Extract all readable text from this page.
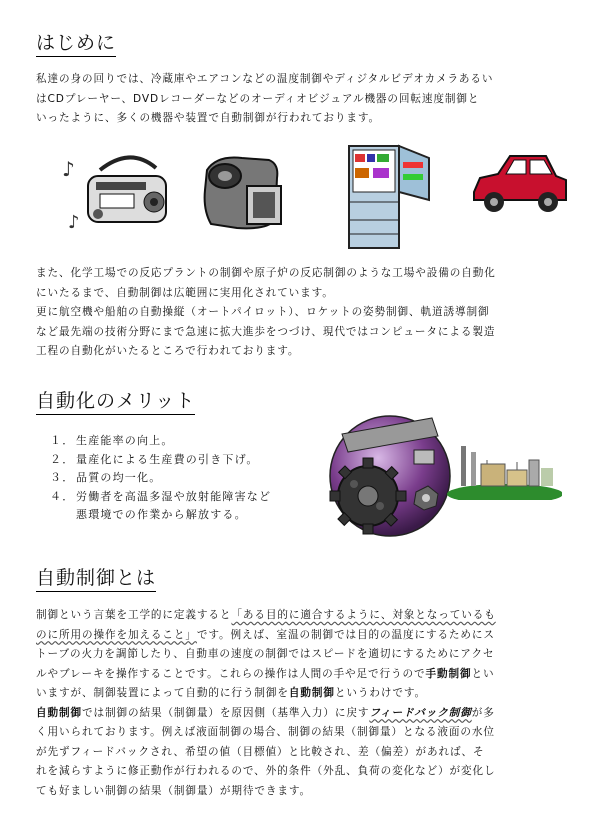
はじめに
私達の身の回りでは、冷蔵庫やエアコンなどの温度制御やディジタルビデオカメラあるい
はCDプレーヤー、DVDレコーダーなどのオーディオビジュアル機器の回転速度制御と
いったように、多くの機器や装置で自動制御が行われております。
♪
♪
また、化学工場での反応プラントの制御や原子炉の反応制御のような工場や設備の自動化
にいたるまで、自動制御は広範囲に実用化されています。
更に航空機や船舶の自動操縦（オートパイロット）、ロケットの姿勢制御、軌道誘導制御
など最先端の技術分野にまで急速に拡大進歩をつづけ、現代ではコンピュータによる製造
工程の自動化がいたるところで行われております。
自動化のメリット
１． 生産能率の向上。
２． 量産化による生産費の引き下げ。
３． 品質の均一化。
４． 労働者を高温多湿や放射能障害など
悪環境での作業から解放する。
自動制御とは
制御という言葉を工学的に定義すると「ある目的に適合するように、対象となっているも
のに所用の操作を加えること」です。例えば、室温の制御では目的の温度にするためにス
トーブの火力を調節したり、自動車の速度の制御ではスピードを適切にするためにアクセ
ルやブレーキを操作することです。これらの操作は人間の手や足で行うので手動制御とい
いますが、制御装置によって自動的に行う制御を自動制御というわけです。
自動制御では制御の結果（制御量）を原因側（基準入力）に戻すフィードバック制御が多
く用いられております。例えば液面制御の場合、制御の結果（制御量）となる液面の水位
が先ずフィードバックされ、希望の値（目標値）と比較され、差（偏差）があれば、そ
れを減らすように修正動作が行われるので、外的条件（外乱、負荷の変化など）が変化し
ても好ましい制御の結果（制御量）が期待できます。
